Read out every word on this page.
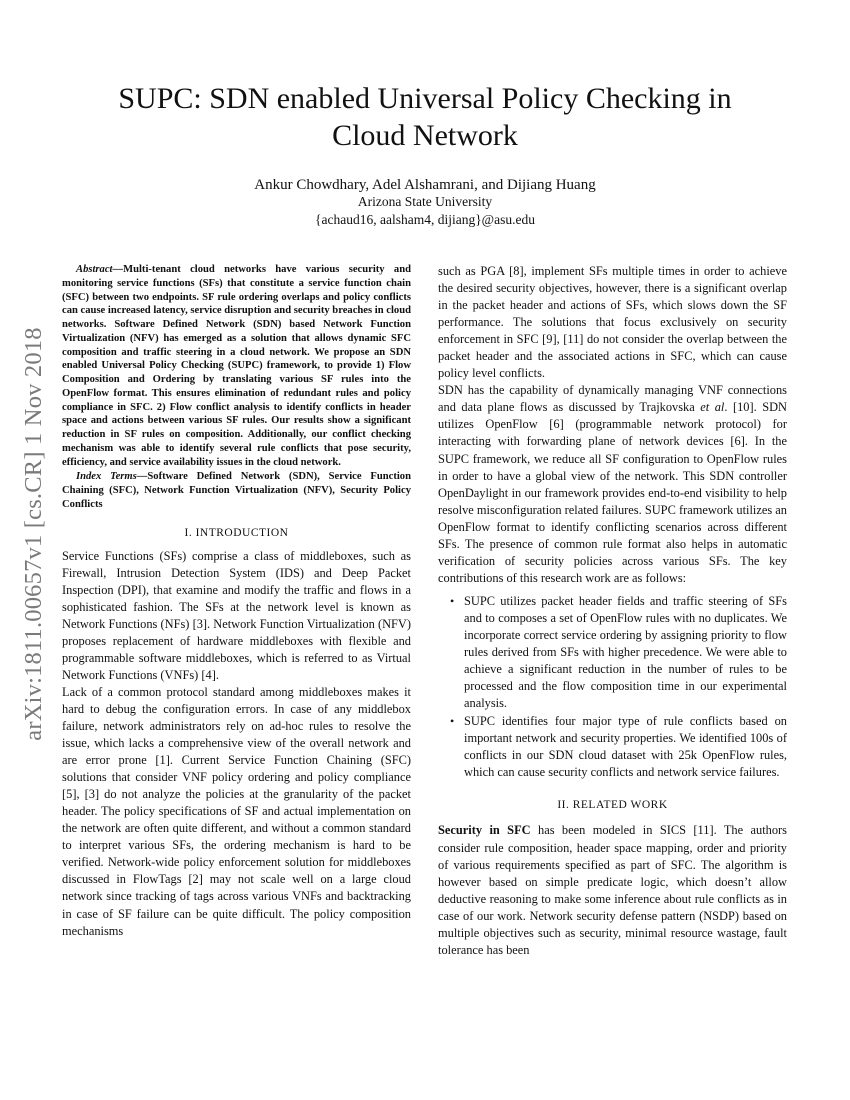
arXiv:1811.00657v1 [cs.CR] 1 Nov 2018
SUPC: SDN enabled Universal Policy Checking in
Cloud Network
Ankur Chowdhary, Adel Alshamrani, and Dijiang Huang
Arizona State University
{achaud16, aalsham4, dijiang}@asu.edu

Abstract—Multi-tenant cloud networks have various security and monitoring service functions (SFs) that constitute a service function chain (SFC) between two endpoints. SF rule ordering overlaps and policy conflicts can cause increased latency, service disruption and security breaches in cloud networks. Software Defined Network (SDN) based Network Function Virtualization (NFV) has emerged as a solution that allows dynamic SFC composition and traffic steering in a cloud network. We propose an SDN enabled Universal Policy Checking (SUPC) framework, to provide 1) Flow Composition and Ordering by translating various SF rules into the OpenFlow format. This ensures elimination of redundant rules and policy compliance in SFC. 2) Flow conflict analysis to identify conflicts in header space and actions between various SF rules. Our results show a significant reduction in SF rules on composition. Additionally, our conflict checking mechanism was able to identify several rule conflicts that pose security, efficiency, and service availability issues in the cloud network.

Index Terms—Software Defined Network (SDN), Service Function Chaining (SFC), Network Function Virtualization (NFV), Security Policy Conflicts

I. INTRODUCTION

Service Functions (SFs) comprise a class of middleboxes, such as Firewall, Intrusion Detection System (IDS) and Deep Packet Inspection (DPI), that examine and modify the traffic and flows in a sophisticated fashion. The SFs at the network level is known as Network Functions (NFs) [3]. Network Function Virtualization (NFV) proposes replacement of hardware middleboxes with flexible and programmable software middleboxes, which is referred to as Virtual Network Functions (VNFs) [4].

Lack of a common protocol standard among middleboxes makes it hard to debug the configuration errors. In case of any middlebox failure, network administrators rely on ad-hoc rules to resolve the issue, which lacks a comprehensive view of the overall network and are error prone [1]. Current Service Function Chaining (SFC) solutions that consider VNF policy ordering and policy compliance [5], [3] do not analyze the policies at the granularity of the packet header. The policy specifications of SF and actual implementation on the network are often quite different, and without a common standard to interpret various SFs, the ordering mechanism is hard to be verified. Network-wide policy enforcement solution for middleboxes discussed in FlowTags [2] may not scale well on a large cloud network since tracking of tags across various VNFs and backtracking in case of SF failure can be quite difficult. The policy composition mechanisms

such as PGA [8], implement SFs multiple times in order to achieve the desired security objectives, however, there is a significant overlap in the packet header and actions of SFs, which slows down the SF performance. The solutions that focus exclusively on security enforcement in SFC [9], [11] do not consider the overlap between the packet header and the associated actions in SFC, which can cause policy level conflicts.

SDN has the capability of dynamically managing VNF connections and data plane flows as discussed by Trajkovska et al. [10]. SDN utilizes OpenFlow [6] (programmable network protocol) for interacting with forwarding plane of network devices [6]. In the SUPC framework, we reduce all SF configuration to OpenFlow rules in order to have a global view of the network. This SDN controller OpenDaylight in our framework provides end-to-end visibility to help resolve misconfiguration related failures. SUPC framework utilizes an OpenFlow format to identify conflicting scenarios across different SFs. The presence of common rule format also helps in automatic verification of security policies across various SFs. The key contributions of this research work are as follows:

• SUPC utilizes packet header fields and traffic steering of SFs and to composes a set of OpenFlow rules with no duplicates. We incorporate correct service ordering by assigning priority to flow rules derived from SFs with higher precedence. We were able to achieve a significant reduction in the number of rules to be processed and the flow composition time in our experimental analysis.
• SUPC identifies four major type of rule conflicts based on important network and security properties. We identified 100s of conflicts in our SDN cloud dataset with 25k OpenFlow rules, which can cause security conflicts and network service failures.
II. RELATED WORK

Security in SFC has been modeled in SICS [11]. The authors consider rule composition, header space mapping, order and priority of various requirements specified as part of SFC. The algorithm is however based on simple predicate logic, which doesn’t allow deductive reasoning to make some inference about rule conflicts as in case of our work. Network security defense pattern (NSDP) based on multiple objectives such as security, minimal resource wastage, fault tolerance has been
